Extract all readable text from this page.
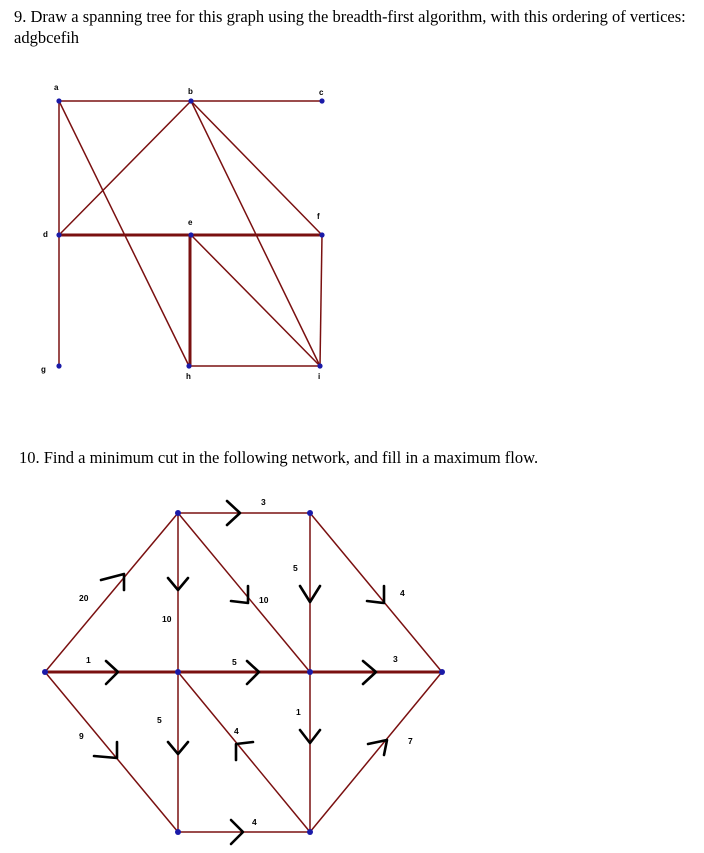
9. Draw a spanning tree for this graph using the breadth-first algorithm, with this ordering of vertices: adgbcefih
a	b	c
d
e
f
g
h	i
20
1
9
10
3
10
5
5
4
4
5
1
4
3
7
10. Find a minimum cut in the following network, and fill in a maximum flow.
